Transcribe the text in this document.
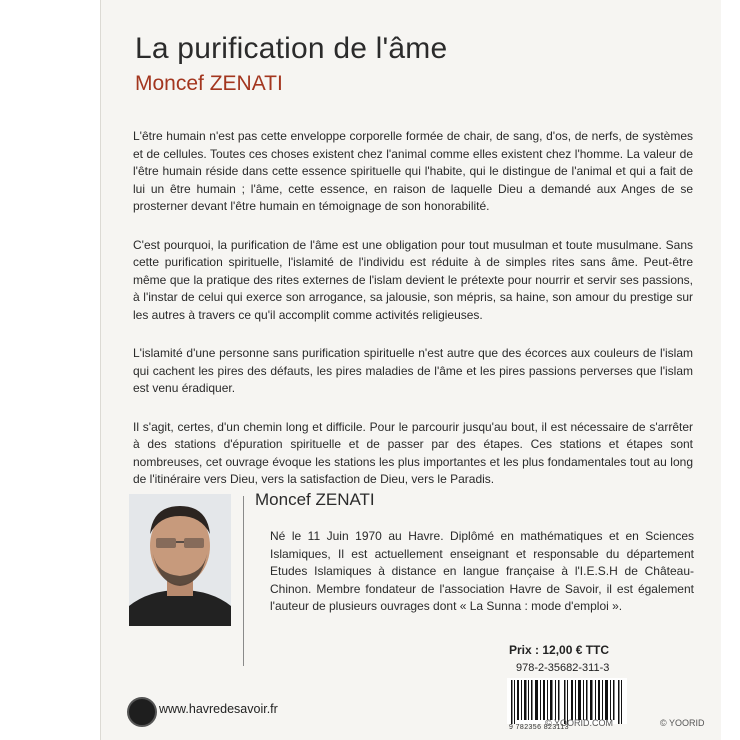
La purification de l'âme
Moncef ZENATI

L'être humain n'est pas cette enveloppe corporelle formée de chair, de sang, d'os, de nerfs, de systèmes et de cellules. Toutes ces choses existent chez l'animal comme elles existent chez l'homme. La valeur de l'être humain réside dans cette essence spirituelle qui l'habite, qui le distingue de l'animal et qui a fait de lui un être humain ; l'âme, cette essence, en raison de laquelle Dieu a demandé aux Anges de se prosterner devant l'être humain en témoignage de son honorabilité.

C'est pourquoi, la purification de l'âme est une obligation pour tout musulman et toute musulmane. Sans cette purification spirituelle, l'islamité de l'individu est réduite à de simples rites sans âme. Peut-être même que la pratique des rites externes de l'islam devient le prétexte pour nourrir et servir ses passions, à l'instar de celui qui exerce son arrogance, sa jalousie, son mépris, sa haine, son amour du prestige sur les autres à travers ce qu'il accomplit comme activités religieuses.

L'islamité d'une personne sans purification spirituelle n'est autre que des écorces aux couleurs de l'islam qui cachent les pires des défauts, les pires maladies de l'âme et les pires passions perverses que l'islam est venu éradiquer.

Il s'agit, certes, d'un chemin long et difficile. Pour le parcourir jusqu'au bout, il est nécessaire de s'arrêter à des stations d'épuration spirituelle et de passer par des étapes. Ces stations et étapes sont nombreuses, cet ouvrage évoque les stations les plus importantes et les plus fondamentales tout au long de l'itinéraire vers Dieu, vers la satisfaction de Dieu, vers le Paradis.

Moncef ZENATI

Né le 11 Juin 1970 au Havre. Diplômé en mathématiques et en Sciences Islamiques, Il est actuellement enseignant et responsable du département Etudes Islamiques à distance en langue française à l'I.E.S.H de Château-Chinon. Membre fondateur de l'association Havre de Savoir, il est également l'auteur de plusieurs ouvrages dont « La Sunna : mode d'emploi ».

Prix : 12,00 € TTC
978-2-35682-311-3
9 782356 823113
www.havredesavoir.fr
© YOORID.COM	© YOORID
